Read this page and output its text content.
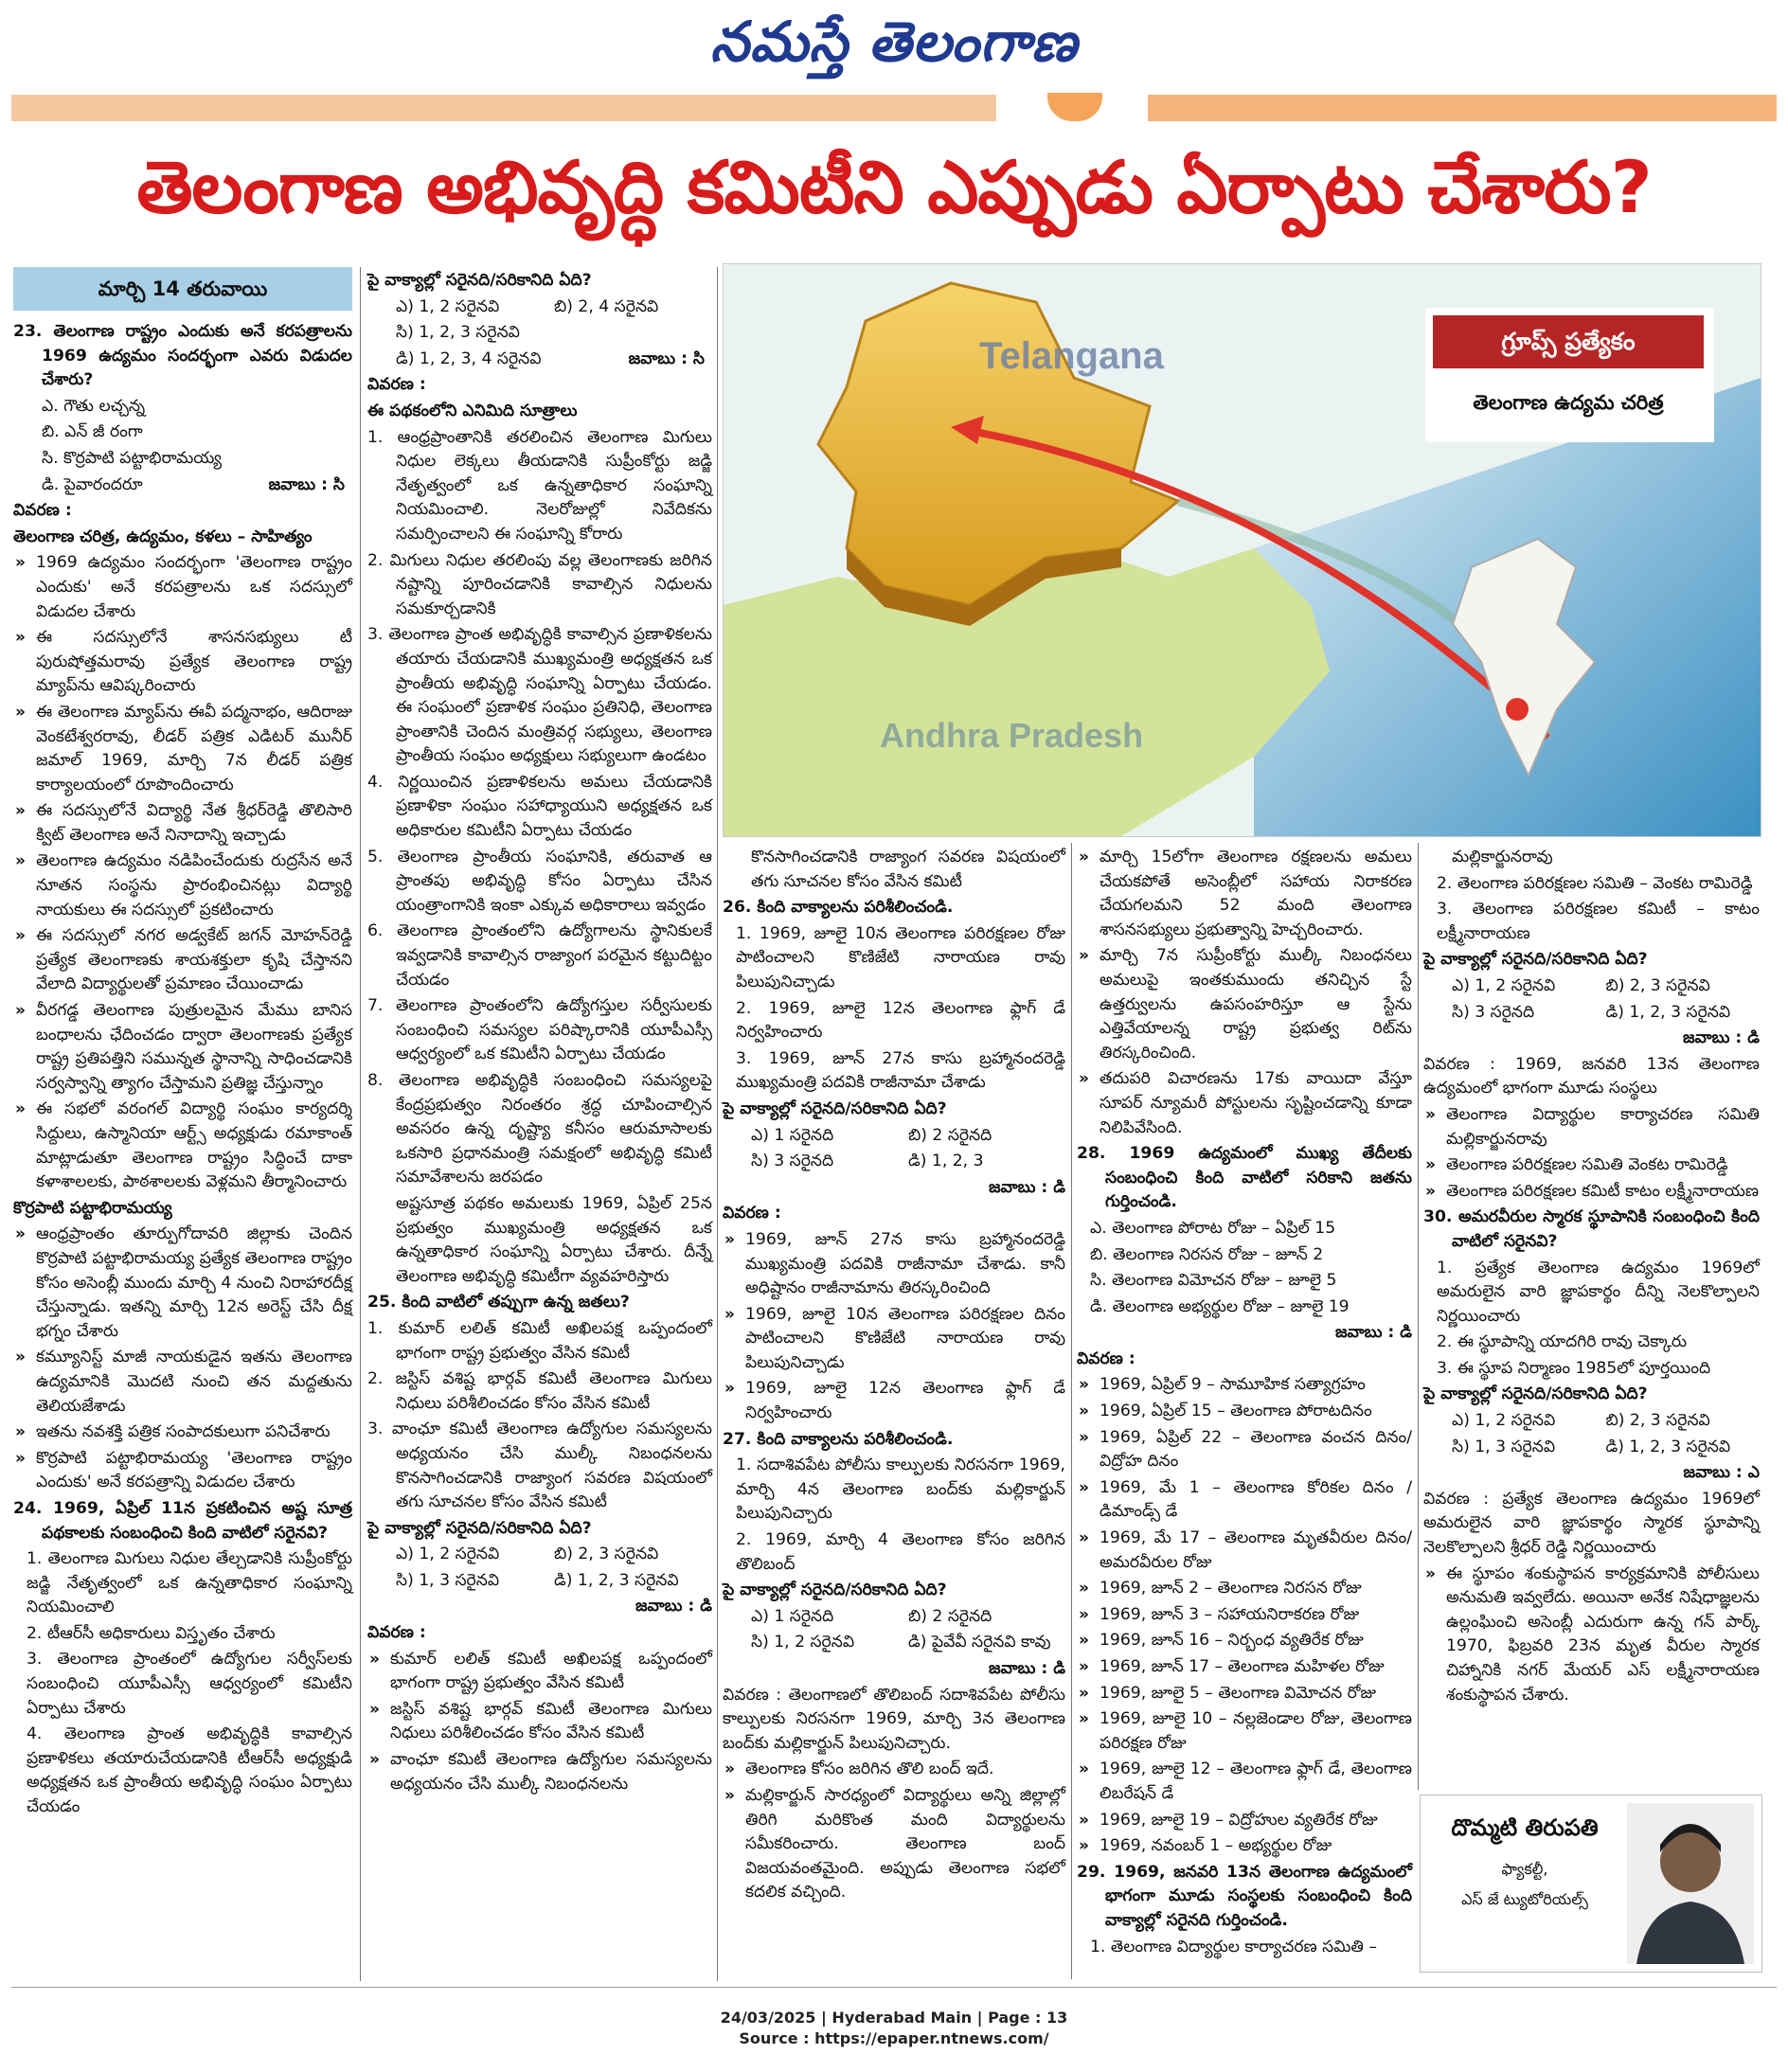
నమస్తే తెలంగాణ
తెలంగాణ అభివృద్ధి కమిటీని ఎప్పుడు ఏర్పాటు చేశారు?
మార్చి 14 తరువాయి
Telangana
Andhra Pradesh
గ్రూప్స్ ప్రత్యేకం
తెలంగాణ ఉద్యమ చరిత్ర

23. తెలంగాణ రాష్ట్రం ఎందుకు అనే కరపత్రాలను 1969 ఉద్యమం సందర్భంగా ఎవరు విడుదల చేశారు?

ఎ. గౌతు లచ్చన్న

బి. ఎన్ జీ రంగా

సి. కొర్రపాటి పట్టాభిరామయ్య

డి. పైవారందరూ	జవాబు : సి

వివరణ :

తెలంగాణ చరిత్ర, ఉద్యమం, కళలు – సాహిత్యం

» 1969 ఉద్యమం సందర్భంగా 'తెలంగాణ రాష్ట్రం ఎందుకు' అనే కరపత్రాలను ఒక సదస్సులో విడుదల చేశారు

» ఈ సదస్సులోనే శాసనసభ్యులు టీ పురుషోత్తమరావు ప్రత్యేక తెలంగాణ రాష్ట్ర మ్యాప్‌ను ఆవిష్కరించారు

» ఈ తెలంగాణ మ్యాప్‌ను ఈవీ పద్మనాభం, ఆదిరాజు వెంకటేశ్వరరావు, లీడర్ పత్రిక ఎడిటర్ మునీర్ జమాల్ 1969, మార్చి 7న లీడర్ పత్రిక కార్యాలయంలో రూపొందించారు

» ఈ సదస్సులోనే విద్యార్థి నేత శ్రీధర్‌రెడ్డి తొలిసారి క్విట్ తెలంగాణ అనే నినాదాన్ని ఇచ్చాడు

» తెలంగాణ ఉద్యమం నడిపించేందుకు రుద్రసేన అనే నూతన సంస్థను ప్రారంభించినట్లు విద్యార్థి నాయకులు ఈ సదస్సులో ప్రకటించారు

» ఈ సదస్సులో నగర అడ్వకేట్ జగన్ మోహన్‌రెడ్డి ప్రత్యేక తెలంగాణకు శాయశక్తులా కృషి చేస్తానని వేలాది విద్యార్థులతో ప్రమాణం చేయించాడు

» వీరగడ్డ తెలంగాణ పుత్రులమైన మేము బానిస బంధాలను ఛేదించడం ద్వారా తెలంగాణకు ప్రత్యేక రాష్ట్ర ప్రతిపత్తిని సమున్నత స్థానాన్ని సాధించడానికి సర్వస్వాన్ని త్యాగం చేస్తామని ప్రతిజ్ఞ చేస్తున్నాం

» ఈ సభలో వరంగల్ విద్యార్థి సంఘం కార్యదర్శి సిద్దులు, ఉస్మానియా ఆర్ట్స్ అధ్యక్షుడు రమాకాంత్ మాట్లాడుతూ తెలంగాణ రాష్ట్రం సిద్ధించే దాకా కళాశాలలకు, పాఠశాలలకు వెళ్లమని తీర్మానించారు

కొర్రపాటి పట్టాభిరామయ్య

» ఆంధ్రప్రాంతం తూర్పుగోదావరి జిల్లాకు చెందిన కొర్రపాటి పట్టాభిరామయ్య ప్రత్యేక తెలంగాణ రాష్ట్రం కోసం అసెంబ్లీ ముందు మార్చి 4 నుంచి నిరాహారదీక్ష చేస్తున్నాడు. ఇతన్ని మార్చి 12న అరెస్ట్ చేసి దీక్ష భగ్నం చేశారు

» కమ్యూనిస్ట్ మాజీ నాయకుడైన ఇతను తెలంగాణ ఉద్యమానికి మొదటి నుంచి తన మద్దతును తెలియజేశాడు

» ఇతను నవశక్తి పత్రిక సంపాదకులుగా పనిచేశారు

» కొర్రపాటి పట్టాభిరామయ్య 'తెలంగాణ రాష్ట్రం ఎందుకు' అనే కరపత్రాన్ని విడుదల చేశారు

24. 1969, ఏప్రిల్ 11న ప్రకటించిన అష్ట సూత్ర పథకాలకు సంబంధించి కింది వాటిలో సరైనవి?

1. తెలంగాణ మిగులు నిధుల తేల్చడానికి సుప్రీంకోర్టు జడ్జి నేతృత్వంలో ఒక ఉన్నతాధికార సంఘాన్ని నియమించాలి

2. టీఆర్‌సీ అధికారులు విస్తృతం చేశారు

3. తెలంగాణ ప్రాంతంలో ఉద్యోగుల సర్వీస్‌లకు సంబంధించి యూపీఎస్సీ ఆధ్వర్యంలో కమిటీని ఏర్పాటు చేశారు

4. తెలంగాణ ప్రాంత అభివృద్ధికి కావాల్సిన ప్రణాళికలు తయారుచేయడానికి టీఆర్‌సీ అధ్యక్షుడి అధ్యక్షతన ఒక ప్రాంతీయ అభివృద్ధి సంఘం ఏర్పాటు చేయడం

పై వాక్యాల్లో సరైనది/సరికానిది ఏది?

ఎ) 1, 2 సరైనవి	బి) 2, 4 సరైనవి

సి) 1, 2, 3 సరైనవి

డి) 1, 2, 3, 4 సరైనవి	జవాబు : సి

వివరణ :

ఈ పథకంలోని ఎనిమిది సూత్రాలు

1. ఆంధ్రప్రాంతానికి తరలించిన తెలంగాణ మిగులు నిధుల లెక్కలు తీయడానికి సుప్రీంకోర్టు జడ్జి నేతృత్వంలో ఒక ఉన్నతాధికార సంఘాన్ని నియమించాలి. నెలరోజుల్లో నివేదికను సమర్పించాలని ఈ సంఘాన్ని కోరారు

2. మిగులు నిధుల తరలింపు వల్ల తెలంగాణకు జరిగిన నష్టాన్ని పూరించడానికి కావాల్సిన నిధులను సమకూర్చడానికి

3. తెలంగాణ ప్రాంత అభివృద్ధికి కావాల్సిన ప్రణాళికలను తయారు చేయడానికి ముఖ్యమంత్రి అధ్యక్షతన ఒక ప్రాంతీయ అభివృద్ధి సంఘాన్ని ఏర్పాటు చేయడం. ఈ సంఘంలో ప్రణాళిక సంఘం ప్రతినిధి, తెలంగాణ ప్రాంతానికి చెందిన మంత్రివర్గ సభ్యులు, తెలంగాణ ప్రాంతీయ సంఘం అధ్యక్షులు సభ్యులుగా ఉండటం

4. నిర్ణయించిన ప్రణాళికలను అమలు చేయడానికి ప్రణాళికా సంఘం సహాధ్యాయుని అధ్యక్షతన ఒక అధికారుల కమిటీని ఏర్పాటు చేయడం

5. తెలంగాణ ప్రాంతీయ సంఘానికి, తరువాత ఆ ప్రాంతపు అభివృద్ధి కోసం ఏర్పాటు చేసిన యంత్రాంగానికి ఇంకా ఎక్కువ అధికారాలు ఇవ్వడం

6. తెలంగాణ ప్రాంతంలోని ఉద్యోగాలను స్థానికులకే ఇవ్వడానికి కావాల్సిన రాజ్యాంగ పరమైన కట్టుదిట్టం చేయడం

7. తెలంగాణ ప్రాంతంలోని ఉద్యోగస్తుల సర్వీసులకు సంబంధించి సమస్యల పరిష్కారానికి యూపీఎస్సీ ఆధ్వర్యంలో ఒక కమిటీని ఏర్పాటు చేయడం

8. తెలంగాణ అభివృద్ధికి సంబంధించి సమస్యలపై కేంద్రప్రభుత్వం నిరంతరం శ్రద్ధ చూపించాల్సిన అవసరం ఉన్న దృష్ట్యా కనీసం ఆరుమాసాలకు ఒకసారి ప్రధానమంత్రి సమక్షంలో అభివృద్ధి కమిటీ సమావేశాలను జరపడం

అష్టసూత్ర పథకం అమలుకు 1969, ఏప్రిల్ 25న ప్రభుత్వం ముఖ్యమంత్రి అధ్యక్షతన ఒక ఉన్నతాధికార సంఘాన్ని ఏర్పాటు చేశారు. దీన్నే తెలంగాణ అభివృద్ధి కమిటీగా వ్యవహరిస్తారు

25. కింది వాటిలో తప్పుగా ఉన్న జతలు?

1. కుమార్ లలిత్ కమిటీ అఖిలపక్ష ఒప్పందంలో భాగంగా రాష్ట్ర ప్రభుత్వం వేసిన కమిటీ

2. జస్టిస్ వశిష్ట భార్గవ్ కమిటీ తెలంగాణ మిగులు నిధులు పరిశీలించడం కోసం వేసిన కమిటీ

3. వాంఛూ కమిటీ తెలంగాణ ఉద్యోగుల సమస్యలను అధ్యయనం చేసి ముల్కీ నిబంధనలను కొనసాగించడానికి రాజ్యాంగ సవరణ విషయంలో తగు సూచనల కోసం వేసిన కమిటీ

పై వాక్యాల్లో సరైనది/సరికానిది ఏది?

ఎ) 1, 2 సరైనవి	బి) 2, 3 సరైనవి

సి) 1, 3 సరైనవి	డి) 1, 2, 3 సరైనవి

జవాబు : డి

వివరణ :

» కుమార్ లలిత్ కమిటీ అఖిలపక్ష ఒప్పందంలో భాగంగా రాష్ట్ర ప్రభుత్వం వేసిన కమిటీ

» జస్టిస్ వశిష్ట భార్గవ్ కమిటీ తెలంగాణ మిగులు నిధులు పరిశీలించడం కోసం వేసిన కమిటీ

» వాంఛూ కమిటీ తెలంగాణ ఉద్యోగుల సమస్యలను అధ్యయనం చేసి ముల్కీ నిబంధనలను

కొనసాగించడానికి రాజ్యాంగ సవరణ విషయంలో తగు సూచనల కోసం వేసిన కమిటీ

26. కింది వాక్యాలను పరిశీలించండి.

1. 1969, జూలై 10న తెలంగాణ పరిరక్షణల రోజు పాటించాలని కొణిజేటి నారాయణ రావు పిలుపునిచ్చాడు

2. 1969, జూలై 12న తెలంగాణ ఫ్లాగ్ డే నిర్వహించారు

3. 1969, జూన్ 27న కాసు బ్రహ్మానందరెడ్డి ముఖ్యమంత్రి పదవికి రాజీనామా చేశాడు

పై వాక్యాల్లో సరైనది/సరికానిది ఏది?

ఎ) 1 సరైనది	బి) 2 సరైనది

సి) 3 సరైనది	డి) 1, 2, 3

జవాబు : డి

వివరణ :

» 1969, జూన్ 27న కాసు బ్రహ్మానందరెడ్డి ముఖ్యమంత్రి పదవికి రాజీనామా చేశాడు. కానీ అధిష్టానం రాజీనామాను తిరస్కరించింది

» 1969, జూలై 10న తెలంగాణ పరిరక్షణల దినం పాటించాలని కొణిజేటి నారాయణ రావు పిలుపునిచ్చాడు

» 1969, జూలై 12న తెలంగాణ ఫ్లాగ్ డే నిర్వహించారు

27. కింది వాక్యాలను పరిశీలించండి.

1. సదాశివపేట పోలీసు కాల్పులకు నిరసనగా 1969, మార్చి 4న తెలంగాణ బంద్‌కు మల్లికార్జున్ పిలుపునిచ్చారు

2. 1969, మార్చి 4 తెలంగాణ కోసం జరిగిన తొలిబంద్

పై వాక్యాల్లో సరైనది/సరికానిది ఏది?

ఎ) 1 సరైనది	బి) 2 సరైనది

సి) 1, 2 సరైనవి	డి) పైవేవీ సరైనవి కావు

జవాబు : డి

వివరణ : తెలంగాణలో తొలిబంద్ సదాశివపేట పోలీసు కాల్పులకు నిరసనగా 1969, మార్చి 3న తెలంగాణ బంద్‌కు మల్లికార్జున్ పిలుపునిచ్చారు.

» తెలంగాణ కోసం జరిగిన తొలి బంద్ ఇదే.

» మల్లికార్జున్ సారధ్యంలో విద్యార్థులు అన్ని జిల్లాల్లో తిరిగి మరికొంత మంది విద్యార్థులను సమీకరించారు. తెలంగాణ బంద్ విజయవంతమైంది. అప్పుడు తెలంగాణ సభలో కదలిక వచ్చింది.

» మార్చి 15లోగా తెలంగాణ రక్షణలను అమలు చేయకపోతే అసెంబ్లీలో సహాయ నిరాకరణ చేయగలమని 52 మంది తెలంగాణ శాసనసభ్యులు ప్రభుత్వాన్ని హెచ్చరించారు.

» మార్చి 7న సుప్రీంకోర్టు ముల్కీ నిబంధనలు అమలుపై ఇంతకుముందు తనిచ్చిన స్టే ఉత్తర్వులను ఉపసంహరిస్తూ ఆ స్టేను ఎత్తివేయాలన్న రాష్ట్ర ప్రభుత్వ రిట్‌ను తిరస్కరించింది.

» తదుపరి విచారణను 17కు వాయిదా వేస్తూ సూపర్ న్యూమరీ పోస్టులను సృష్టించడాన్ని కూడా నిలిపివేసింది.

28. 1969 ఉద్యమంలో ముఖ్య తేదీలకు సంబంధించి కింది వాటిలో సరికాని జతను గుర్తించండి.

ఎ. తెలంగాణ పోరాట రోజు – ఏప్రిల్ 15

బి. తెలంగాణ నిరసన రోజు – జూన్ 2

సి. తెలంగాణ విమోచన రోజు – జూలై 5

డి. తెలంగాణ అభ్యర్థుల రోజు – జూలై 19

జవాబు : డి

వివరణ :

» 1969, ఏప్రిల్ 9 – సామూహిక సత్యాగ్రహం

» 1969, ఏప్రిల్ 15 – తెలంగాణ పోరాటదినం

» 1969, ఏప్రిల్ 22 – తెలంగాణ వంచన దినం/ విద్రోహ దినం

» 1969, మే 1 – తెలంగాణ కోరికల దినం / డిమాండ్స్ డే

» 1969, మే 17 – తెలంగాణ మృతవీరుల దినం/ అమరవీరుల రోజు

» 1969, జూన్ 2 – తెలంగాణ నిరసన రోజు

» 1969, జూన్ 3 – సహాయనిరాకరణ రోజు

» 1969, జూన్ 16 – నిర్బంధ వ్యతిరేక రోజు

» 1969, జూన్ 17 – తెలంగాణ మహిళల రోజు

» 1969, జూలై 5 – తెలంగాణ విమోచన రోజు

» 1969, జూలై 10 – నల్లజెండాల రోజు, తెలంగాణ పరిరక్షణ రోజు

» 1969, జూలై 12 – తెలంగాణ ఫ్లాగ్ డే, తెలంగాణ లిబరేషన్ డే

» 1969, జూలై 19 – విద్రోహుల వ్యతిరేక రోజు

» 1969, నవంబర్ 1 – అభ్యర్థుల రోజు

29. 1969, జనవరి 13న తెలంగాణ ఉద్యమంలో భాగంగా మూడు సంస్థలకు సంబంధించి కింది వాక్యాల్లో సరైనది గుర్తించండి.

1. తెలంగాణ విద్యార్థుల కార్యాచరణ సమితి –

మల్లికార్జునరావు

2. తెలంగాణ పరిరక్షణల సమితి – వెంకట రామిరెడ్డి

3. తెలంగాణ పరిరక్షణల కమిటీ – కాటం లక్ష్మీనారాయణ

పై వాక్యాల్లో సరైనది/సరికానిది ఏది?

ఎ) 1, 2 సరైనవి	బి) 2, 3 సరైనవి

సి) 3 సరైనది	డి) 1, 2, 3 సరైనవి

జవాబు : డి

వివరణ : 1969, జనవరి 13న తెలంగాణ ఉద్యమంలో భాగంగా మూడు సంస్థలు

» తెలంగాణ విద్యార్థుల కార్యాచరణ సమితి మల్లికార్జునరావు

» తెలంగాణ పరిరక్షణల సమితి వెంకట రామిరెడ్డి

» తెలంగాణ పరిరక్షణల కమిటీ కాటం లక్ష్మీనారాయణ

30. అమరవీరుల స్మారక స్థూపానికి సంబంధించి కింది వాటిలో సరైనవి?

1. ప్రత్యేక తెలంగాణ ఉద్యమం 1969లో అమరులైన వారి జ్ఞాపకార్థం దీన్ని నెలకొల్పాలని నిర్ణయించారు

2. ఈ స్థూపాన్ని యాదగిరి రావు చెక్కారు

3. ఈ స్థూప నిర్మాణం 1985లో పూర్తయింది

పై వాక్యాల్లో సరైనది/సరికానిది ఏది?

ఎ) 1, 2 సరైనవి	బి) 2, 3 సరైనవి

సి) 1, 3 సరైనవి	డి) 1, 2, 3 సరైనవి

జవాబు : ఎ

వివరణ : ప్రత్యేక తెలంగాణ ఉద్యమం 1969లో అమరులైన వారి జ్ఞాపకార్థం స్మారక స్థూపాన్ని నెలకొల్పాలని శ్రీధర్ రెడ్డి నిర్ణయించారు

» ఈ స్థూపం శంకుస్థాపన కార్యక్రమానికి పోలీసులు అనుమతి ఇవ్వలేదు. అయినా అనేక నిషేధాజ్ఞలను ఉల్లంఘించి అసెంబ్లీ ఎదురుగా ఉన్న గన్ పార్క్ 1970, ఫిబ్రవరి 23న మృత వీరుల స్మారక చిహ్నానికి నగర్ మేయర్ ఎస్ లక్ష్మీనారాయణ శంకుస్థాపన చేశారు.

దొమ్మటి తిరుపతి
ఫ్యాకల్టీ,
ఎస్ జే ట్యుటోరియల్స్
24/03/2025 | Hyderabad Main | Page : 13
Source : https://epaper.ntnews.com/
